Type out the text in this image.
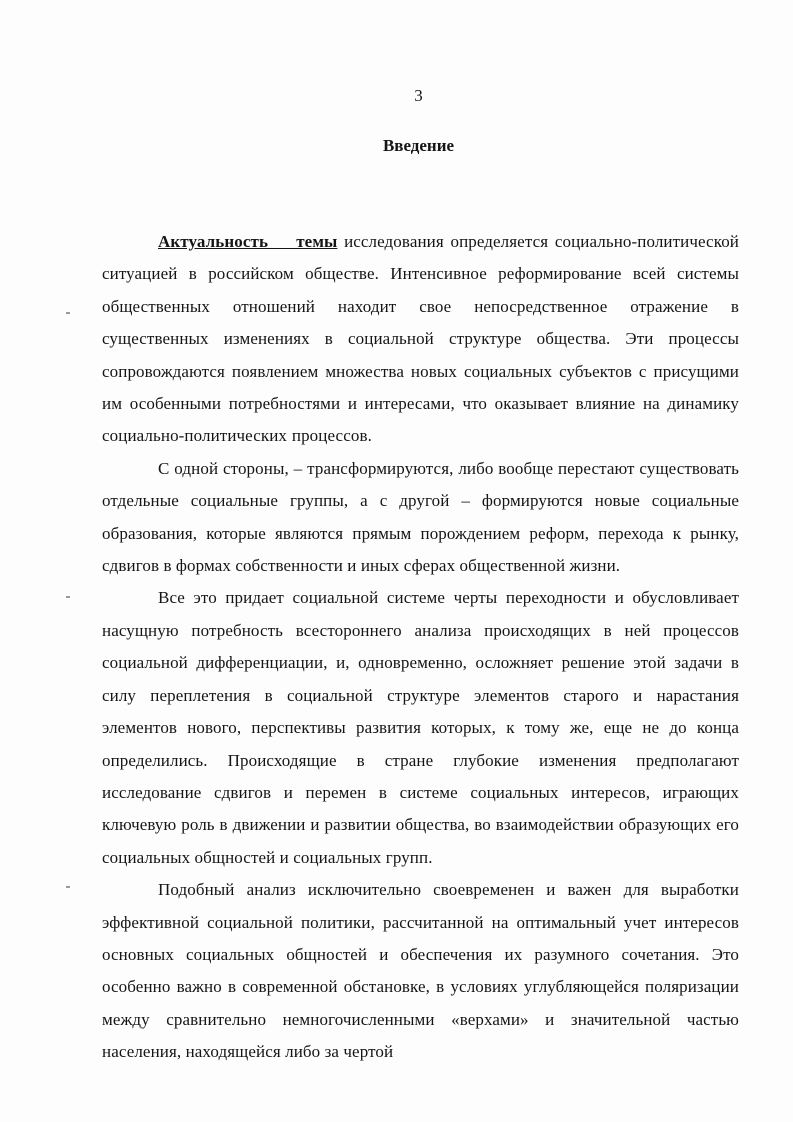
3
Введение

Актуальность темы исследования определяется социально-политической ситуацией в российском обществе. Интенсивное реформирование всей системы общественных отношений находит свое непосредственное отражение в существенных изменениях в социальной структуре общества. Эти процессы сопровождаются появлением множества новых социальных субъектов с присущими им особенными потребностями и интересами, что оказывает влияние на динамику социально-политических процессов.

С одной стороны, – трансформируются, либо вообще перестают существовать отдельные социальные группы, а с другой – формируются новые социальные образования, которые являются прямым порождением реформ, перехода к рынку, сдвигов в формах собственности и иных сферах общественной жизни.

Все это придает социальной системе черты переходности и обусловливает насущную потребность всестороннего анализа происходящих в ней процессов социальной дифференциации, и, одновременно, осложняет решение этой задачи в силу переплетения в социальной структуре элементов старого и нарастания элементов нового, перспективы развития которых, к тому же, еще не до конца определились. Происходящие в стране глубокие изменения предполагают исследование сдвигов и перемен в системе социальных интересов, играющих ключевую роль в движении и развитии общества, во взаимодействии образующих его социальных общностей и социальных групп.

Подобный анализ исключительно своевременен и важен для выработки эффективной социальной политики, рассчитанной на оптимальный учет интересов основных социальных общностей и обеспечения их разумного сочетания. Это особенно важно в современной обстановке, в условиях углубляющейся поляризации между сравнительно немногочисленными «верхами» и значительной частью населения, находящейся либо за чертой
